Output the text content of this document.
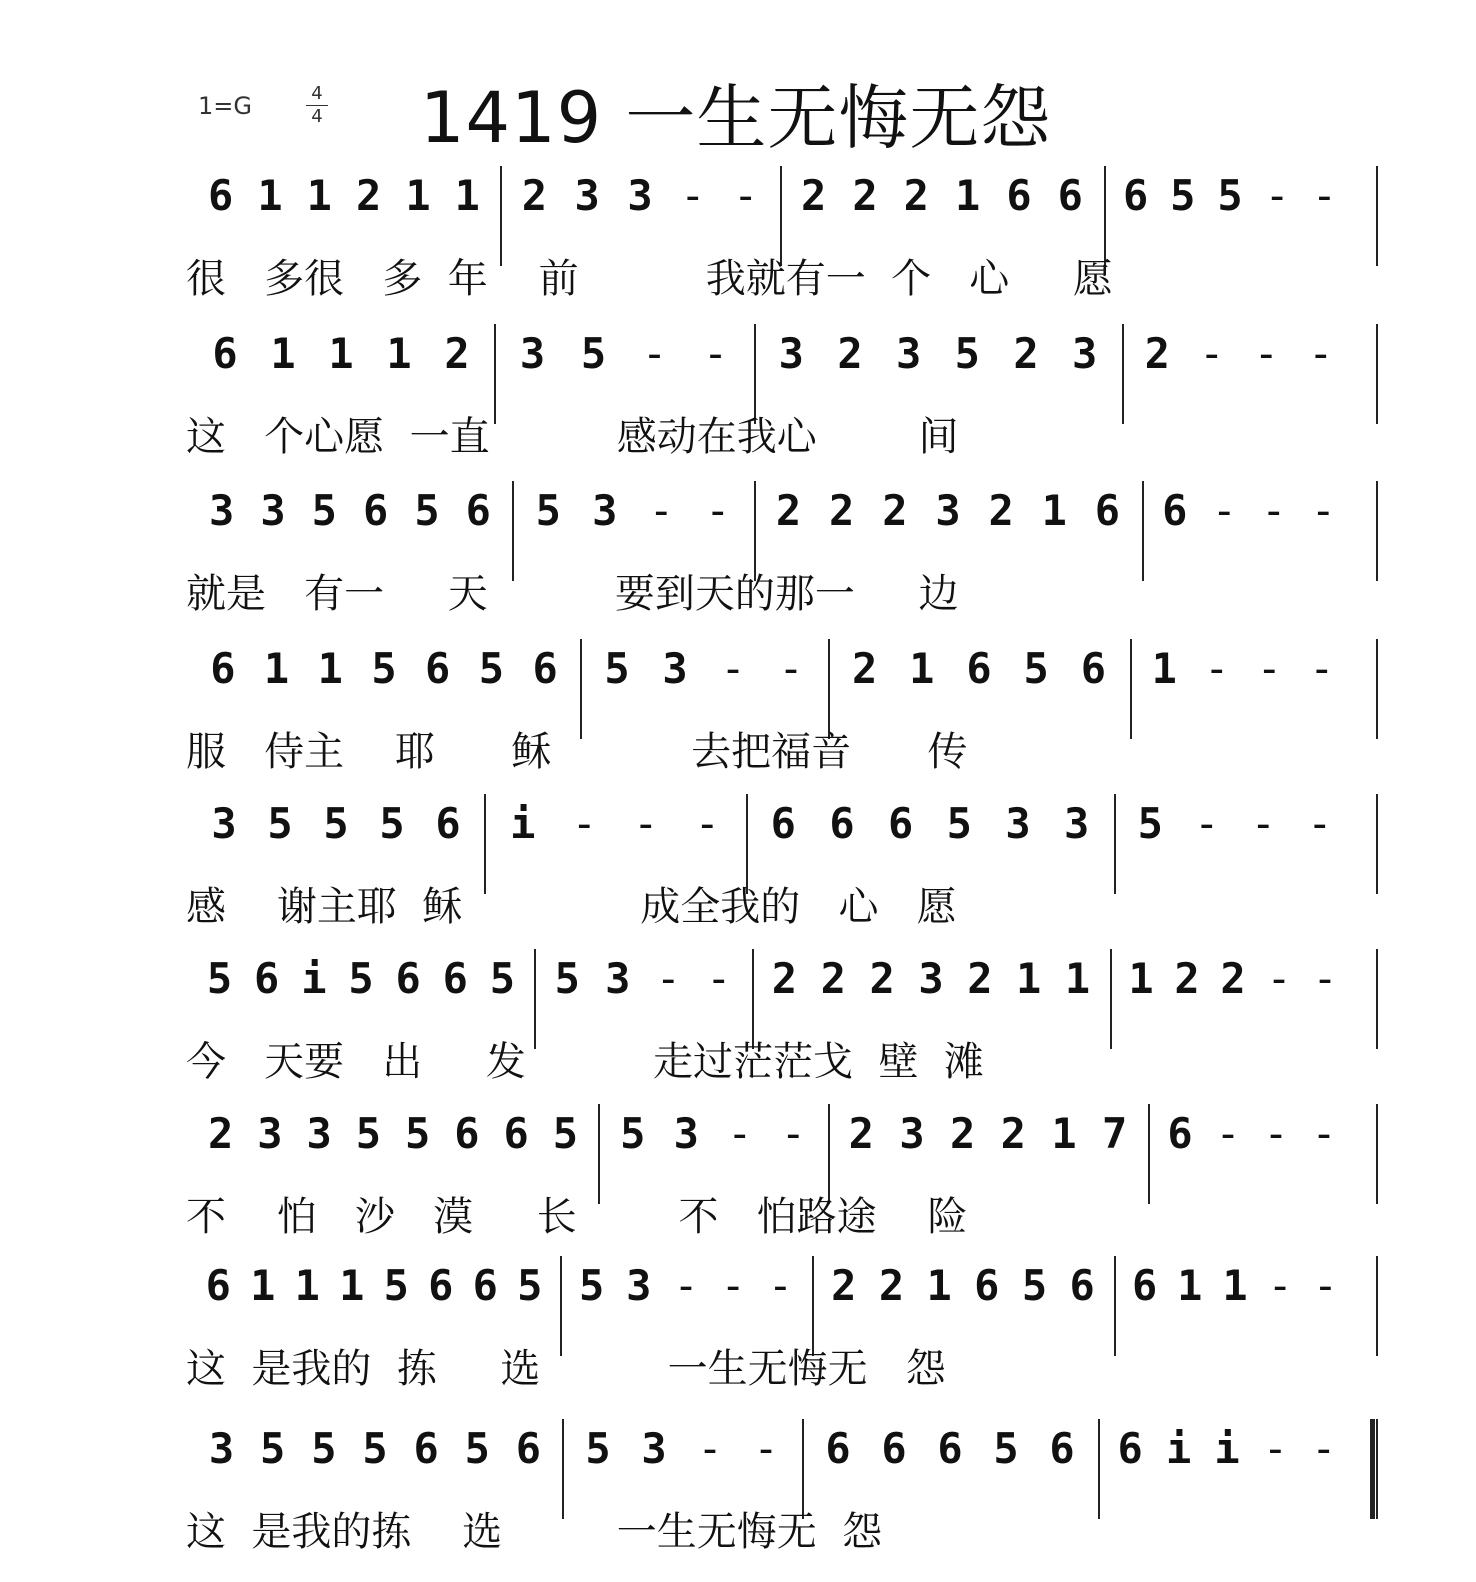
1=G	4
4 1419 一生无悔无怨
6 1 1 2 1 1 2 3 3 - - 2 2 2 1 6 6 6 5 5 - -
很   多很   多  年    前          我就有一  个   心     愿
6 1 1 1 2 3 5 - - 3 2 3 5 2 3 2 - - -
这   个心愿  一直          感动在我心        间
3 3 5 6 5 6 5 3 - - 2 2 2 3 2 1 6 6 - - -
就是   有一     天          要到天的那一     边
6 1 1 5 6 5 6 5 3 - - 2 1 6 5 6 1 - - -
服   侍主    耶      稣           去把福音      传
3 5 5 5 6 i - - - 6 6 6 5 3 3 5 - - -
感    谢主耶  稣              成全我的   心   愿
5 6 i 5 6 6 5 5 3 - - 2 2 2 3 2 1 1 1 2 2 - -
今   天要   出     发          走过茫茫戈  壁  滩
2 3 3 5 5 6 6 5 5 3 - - 2 3 2 2 1 7 6 - - -
不    怕   沙   漠     长        不   怕路途    险
6 1 1 1 5 6 6 5 5 3 - - - 2 2 1 6 5 6 6 1 1 - -
这  是我的  拣     选          一生无悔无   怨
3 5 5 5 6 5 6 5 3 - - 6 6 6 5 6 6 i i - -
这  是我的拣    选         一生无悔无  怨
